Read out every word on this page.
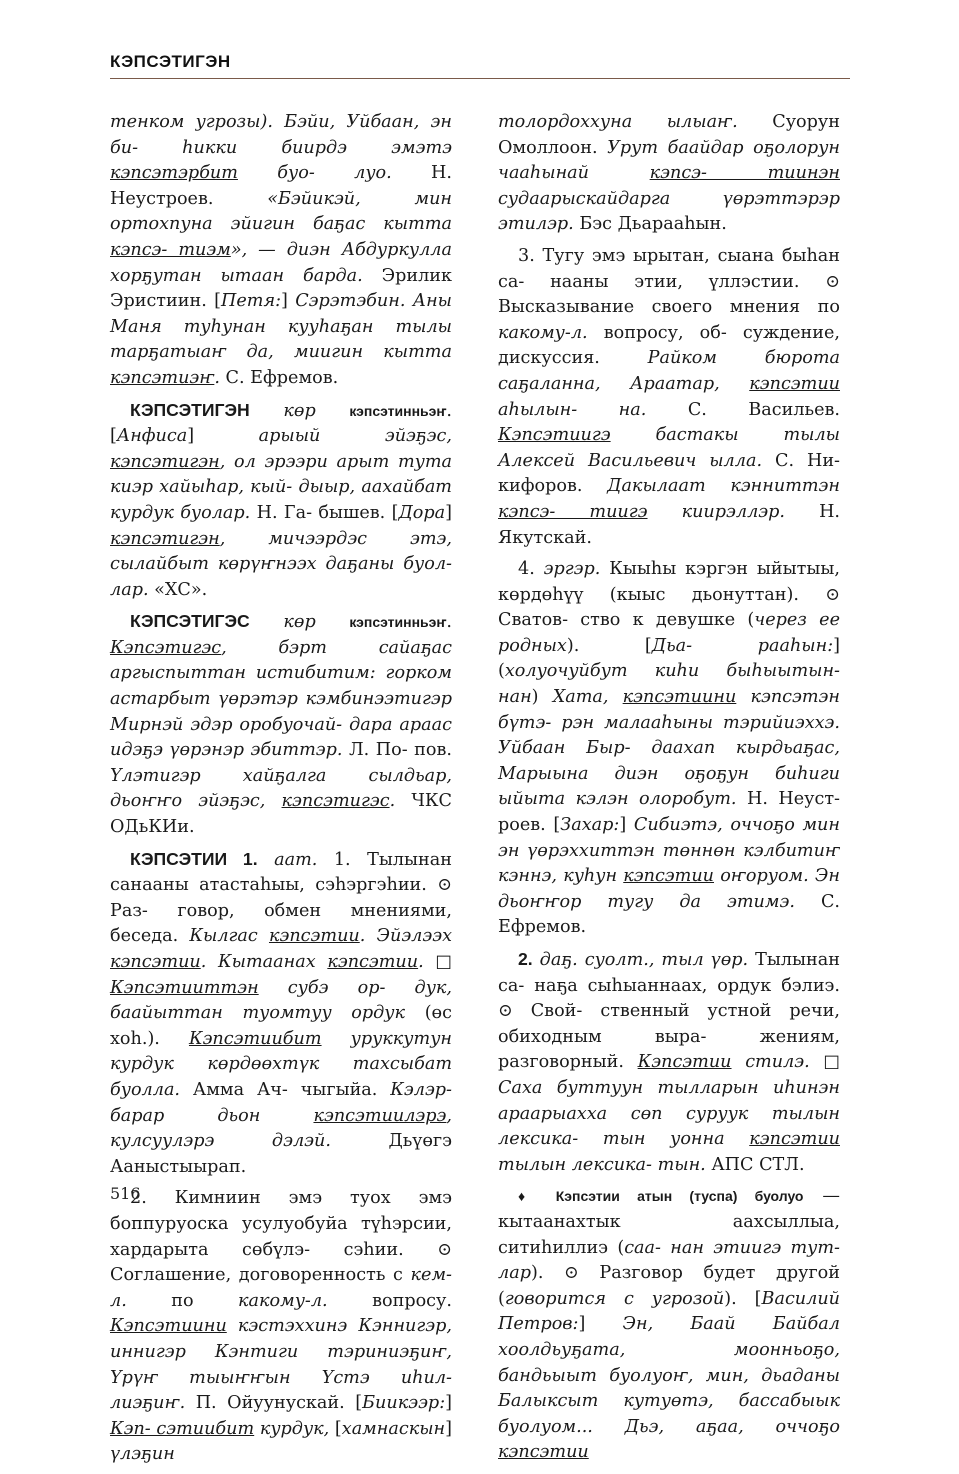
КЭПСЭТИГЭН

тенком угрозы). Бэйи, Уйбаан, эн би- hикки биирдэ эмэтэ кэпсэтэрбит буо- луо. Н. Неустроев. «Бэйикэй, мин ортохпуна эйигин баҕас кытта кэпсэ- тиэм», — диэн Абдуркулла хорҕутан ытаан барда. Эрилик Эристиин. [Петя:] Сэрэтэбин. Аны Маня туһунан кууһаҕан тылы тарҕатыаҥ да, миигин кытта кэпсэтиэҥ. С. Ефремов.

КЭПСЭТИГЭН көр кэпсэтинньэҥ. [Анфиса] арыый эйэҕэс, кэпсэтигэн, ол эрээри арыт тута киэр хайыһар, кый- дыыр, аахайбат курдук буолар. Н. Га- бышев. [Дора] кэпсэтигэн, мичээрдэс этэ, сылайбыт көрүҥнээх даҕаны буол- лар. «ХС».

КЭПСЭТИГЭС көр кэпсэтинньэҥ. Кэпсэтигэс, бэрт сайаҕас аргыспыттан истибитим: горком астарбыт үөрэтэр кэмбинээтигэр Мирнэй эдэр оробуочай- дара араас идэҕэ үөрэнэр эбиттэр. Л. По- пов. Үлэтигэр хайҕалга сылдьар, дьоҥҥо эйэҕэс, кэпсэтигэс. ЧКС ОДьКИи.

КЭПСЭТИИ 1. аат. 1. Тылынан санааны атастаһыы, сэһэргэһии. ⊙ Раз- говор, обмен мнениями, беседа. Кылгас кэпсэтии. Эйэлээх кэпсэтии. Кытаанах кэпсэтии. □ Кэпсэтииттэн субэ ор- дук, баайыттан туомтуу ордук (өс хоһ.). Кэпсэтиибит уруккутун курдук көрдөөхтүк тахсыбат буолла. Амма Ач- чыгыйа. Кэлэр-барар дьон кэпсэтиилэрэ, кулсуулэрэ дэлэй. Дьүөгэ Ааныстыырап.

2. Кимниин эмэ туох эмэ боппуруоска усулуобуйа түһэрсии, хардарыта сөбүлэ- сэһии. ⊙ Соглашение, договоренность с кем-л. по какому-л. вопросу. Кэпсэтиини кэстэххинэ Кэннигэр, иннигэр Кэнтиги тэриниэҕиҥ, Үрүҥ тыыҥҥын Үстэ иһил- лиэҕиҥ. П. Ойуунускай. [Биикээр:] Кэп- сэтиибит курдук, [хамнаскын] үлэҕин

толордоххуна ылыаҥ. Суорун Омоллоон. Урут баайдар оҕолорун чааһынай кэпсэ- тиинэн судаарыскайдарга үөрэттэрэр этилэр. Бэс Дьарааһын.

3. Тугу эмэ ырытан, сыана быһан са- нааны этии, үллэстии. ⊙ Высказывание своего мнения по какому-л. вопросу, об- суждение, дискуссия. Райком бюрота саҕаланна, Араатар, кэпсэтии аһылын- на. С. Васильев. Кэпсэтиигэ бастакы тылы Алексей Васильевич ылла. С. Ни- кифоров. Дакылаат кэнниттэн кэпсэ- тиигэ киирэллэр. Н. Якутскай.

4. эргэр. Кыыһы кэргэн ыйытыы, көрдөһүү (кыыс дьонуттан). ⊙ Сватов- ство к девушке (через ее родных). [Дьа- рааһын:] (холуочуйбут киһи быһыытын- нан) Хата, кэпсэтиини кэпсэтэн бүтэ- рэн малааһыны тэрийиэххэ. Уйбаан Быр- даахап кырдьаҕас, Марыына диэн оҕоҕун биһиги ыйыта кэлэн олоробут. Н. Неуст- роев. [Захар:] Сибиэтэ, оччоҕо мин эн үөрэххиттэн төннөн кэлбитиҥ кэннэ, куһун кэпсэтии оҥоруом. Эн дьоҥҥор тугу да этимэ. С. Ефремов.

2. даҕ. суолт., тыл үөр. Тылынан са- наҕа сыһыаннаах, ордук бэлиэ. ⊙ Свой- ственный устной речи, обиходным выра- жениям, разговорный. Кэпсэтии стилэ. □ Саха буттуун тылларын иһинэн араарыахха сөп суруук тылын лексика- тын уонна кэпсэтии тылын лексика- тын. АПС СТЛ.

♦ Кэпсэтии атын (туспа) буолуо — кытаанахтык аахсыллыа, ситиһиллиэ (саа- нан этиигэ тут-лар). ⊙ Разговор будет другой (говорится с угрозой). [Василий Петров:] Эн, Баай Байбал хоолдьуҕата, моонньоҕо, бандьыыт буолуоҥ, мин, дьаданы Балыксыт кутуөтэ, бассабыык буолуом... Дьэ, аҕаа, оччоҕо кэпсэтии

516
